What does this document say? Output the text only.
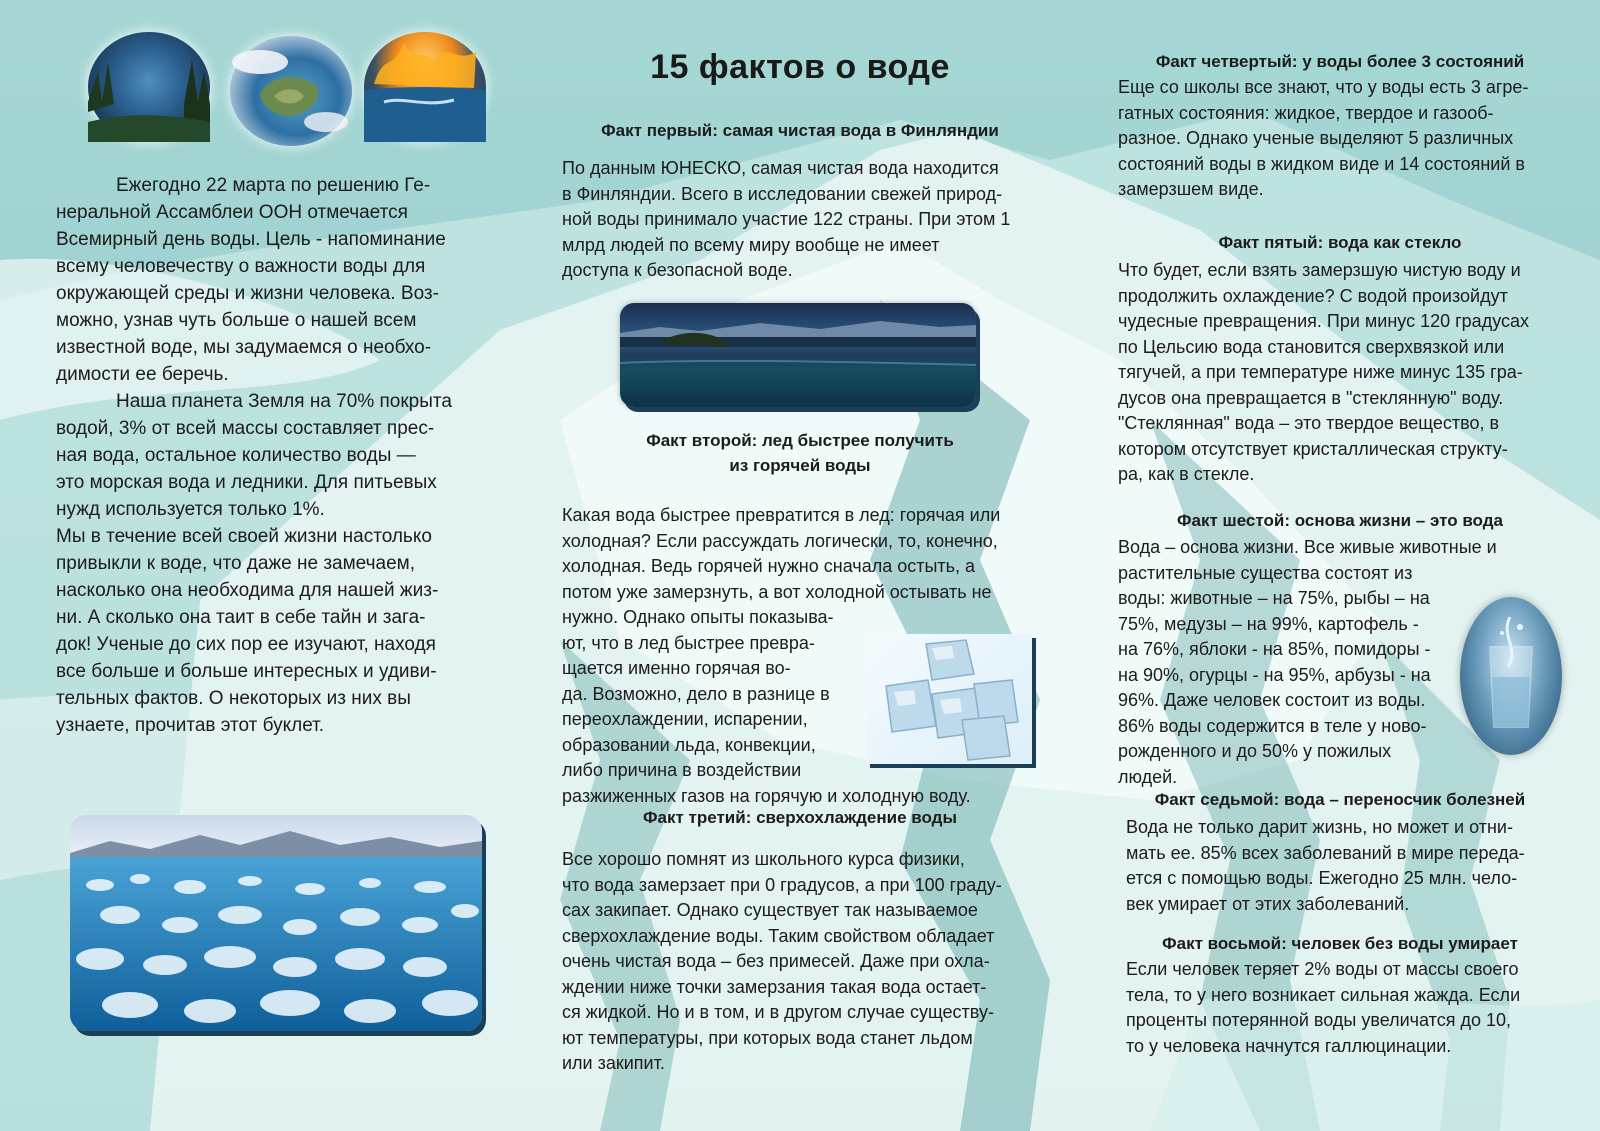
15 фактов о воде

Ежегодно 22 марта по решению Ге-
неральной Ассамблеи ООН отмечается
Всемирный день воды. Цель - напоминание
всему человечеству о важности воды для
окружающей среды и жизни человека. Воз-
можно, узнав чуть больше о нашей всем
известной воде, мы задумаемся о необхо-
димости ее беречь.

Наша планета Земля на 70% покрыта
водой, 3% от всей массы составляет прес-
ная вода, остальное количество воды —
это морская вода и ледники. Для питьевых
нужд используется только 1%.

Мы в течение всей своей жизни настолько
привыкли к воде, что даже не замечаем,
насколько она необходима для нашей жиз-
ни. А сколько она таит в себе тайн и зага-
док! Ученые до сих пор ее изучают, находя
все больше и больше интересных и удиви-
тельных фактов. О некоторых из них вы
узнаете, прочитав этот буклет.

Факт первый: самая чистая вода в Финляндии
По данным ЮНЕСКО, самая чистая вода находится
в Финляндии. Всего в исследовании свежей природ-
ной воды принимало участие 122 страны. При этом 1
млрд людей по всему миру вообще не имеет
доступа к безопасной воде.
Факт второй: лед быстрее получить
из горячей воды
Какая вода быстрее превратится в лед: горячая или
холодная? Если рассуждать логически, то, конечно,
холодная. Ведь горячей нужно сначала остыть, а
потом уже замерзнуть, а вот холодной остывать не
нужно. Однако опыты показыва-
ют, что в лед быстрее превра-
щается именно горячая во-
да. Возможно, дело в разнице в
переохлаждении, испарении,
образовании льда, конвекции,
либо причина в воздействии
разжиженных газов на горячую и холодную воду.
Факт третий: сверхохлаждение воды
Все хорошо помнят из школьного курса физики,
что вода замерзает при 0 градусов, а при 100 граду-
сах закипает. Однако существует так называемое
сверхохлаждение воды. Таким свойством обладает
очень чистая вода – без примесей. Даже при охла-
ждении ниже точки замерзания такая вода остает-
ся жидкой. Но и в том, и в другом случае существу-
ют температуры, при которых вода станет льдом
или закипит.
Факт четвертый: у воды более 3 состояний
Еще со школы все знают, что у воды есть 3 агре-
гатных состояния: жидкое, твердое и газооб-
разное. Однако ученые выделяют 5 различных
состояний воды в жидком виде и 14 состояний в
замерзшем виде.
Факт пятый: вода как стекло
Что будет, если взять замерзшую чистую воду и
продолжить охлаждение? С водой произойдут
чудесные превращения. При минус 120 градусах
по Цельсию вода становится сверхвязкой или
тягучей, а при температуре ниже минус 135 гра-
дусов она превращается в "стеклянную" воду.
"Стеклянная" вода – это твердое вещество, в
котором отсутствует кристаллическая структу-
ра, как в стекле.
Факт шестой: основа жизни – это вода
Вода – основа жизни. Все живые животные и
растительные существа состоят из
воды: животные – на 75%, рыбы – на
75%, медузы – на 99%, картофель -
на 76%, яблоки - на 85%, помидоры -
на 90%, огурцы - на 95%, арбузы - на
96%. Даже человек состоит из воды.
86% воды содержится в теле у ново-
рожденного и до 50% у пожилых
людей.
Факт седьмой: вода – переносчик болезней
Вода не только дарит жизнь, но может и отни-
мать ее. 85% всех заболеваний в мире переда-
ется с помощью воды. Ежегодно 25 млн. чело-
век умирает от этих заболеваний.
Факт восьмой: человек без воды умирает
Если человек теряет 2% воды от массы своего
тела, то у него возникает сильная жажда. Если
проценты потерянной воды увеличатся до 10,
то у человека начнутся галлюцинации.
